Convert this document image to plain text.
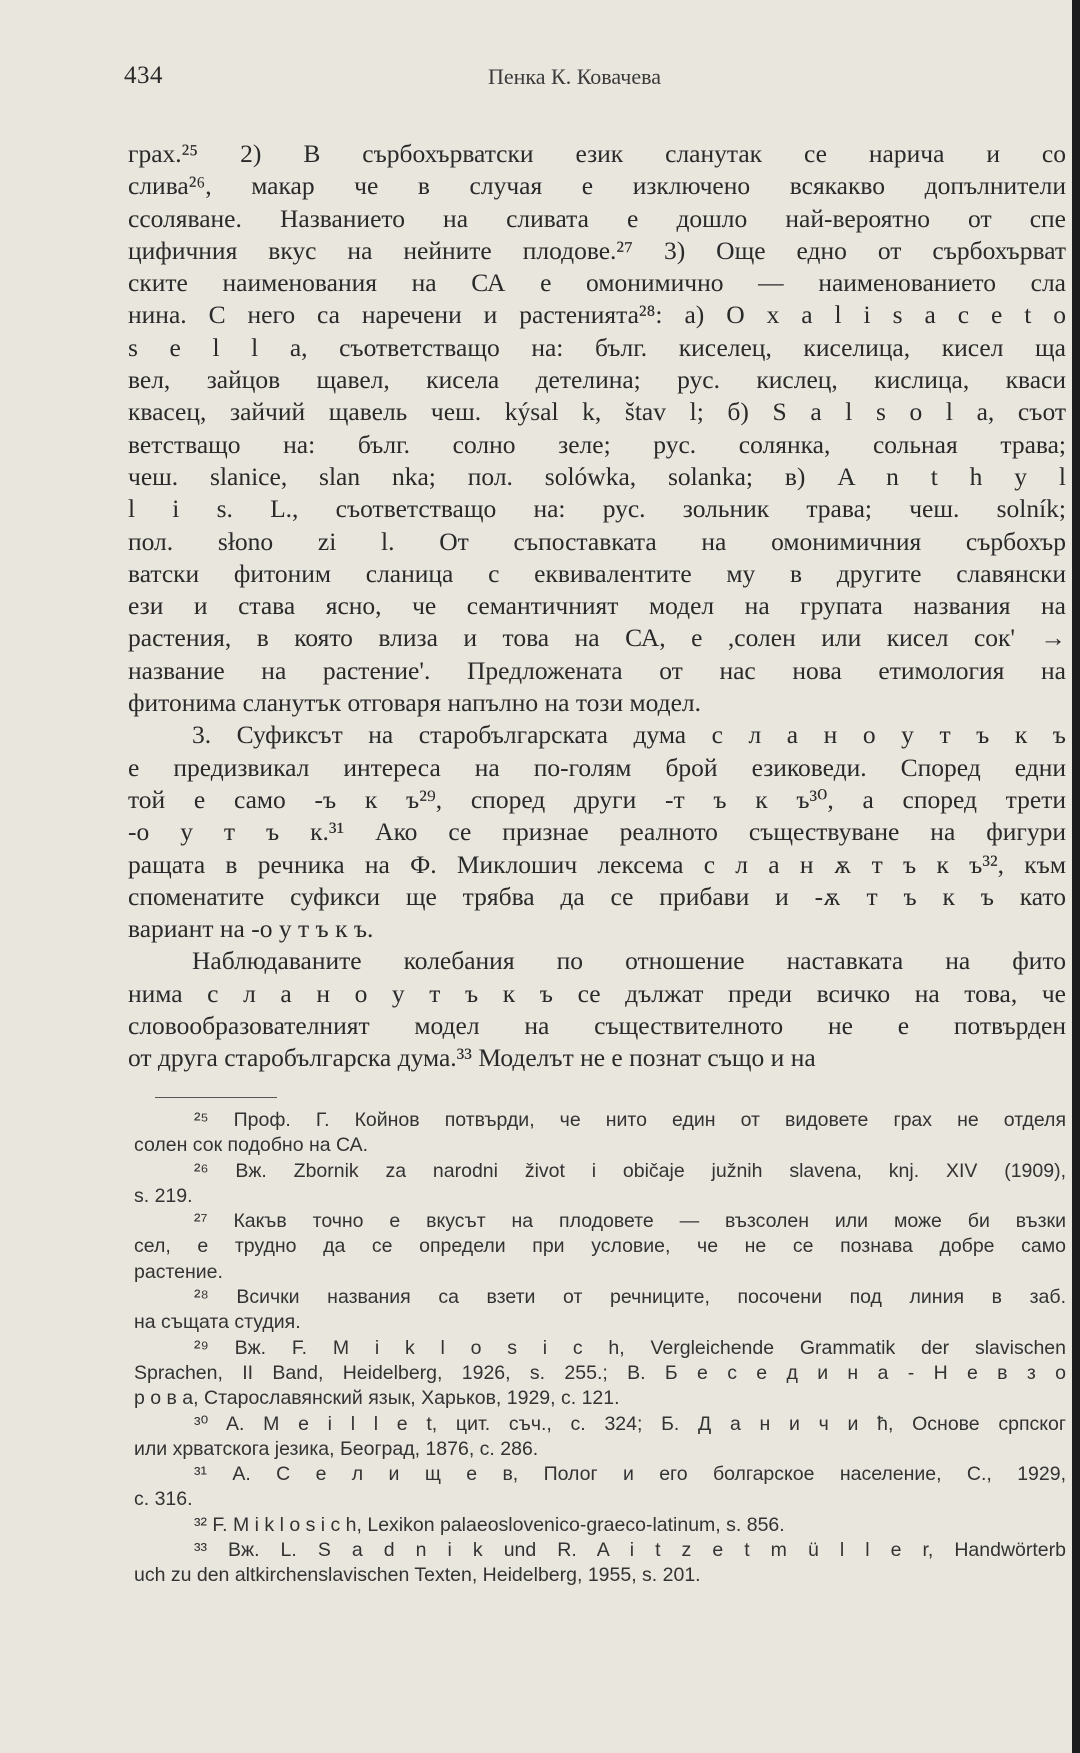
434	Пенка К. Ковачева
грах.²⁵ 2) В сърбохърватски език сланутак се нарича и со
слива²⁶, макар че в случая е изключено всякакво допълнители
ссоляване. Названието на сливата е дошло най-вероятно от спе
цифичния вкус на нейните плодове.²⁷ 3) Още едно от сърбохърват
ските наименования на СА е омонимично — наименованието сла
нина. С него са наречени и растенията²⁸: а) O x a l i s a c e t o
s e l l a, съответстващо на: бълг. киселец, киселица, кисел ща
вел, зайцов щавел, кисела детелина; рус. кислец, кислица, кваси
квасец, зайчий щавель чеш. kýsal k, štav l; б) S a l s o l a, съот
ветстващо на: бълг. солно зеле; рус. солянка, сольная трава;
чеш. slanice, slan nka; пол. solówka, solanka; в) A n t h y l
l i s. L., съответстващо на: рус. зольник трава; чеш. solník;
пол. słono zi l. От съпоставката на омонимичния сърбохър
ватски фитоним сланица с еквивалентите му в другите славянски
ези и става ясно, че семантичният модел на групата названия на
растения, в която влиза и това на СА, е ,солен или кисел сок' →
название на растение'. Предложената от нас нова етимология на
фитонима сланутък отговаря напълно на този модел.
3. Суфиксът на старобългарската дума с л а н о у т ъ к ъ
е предизвикал интереса на по-голям брой езиковеди. Според едни
той е само -ъ к ъ²⁹, според други -т ъ к ъ³⁰, а според трети
-о у т ъ к.³¹ Ако се признае реалното съществуване на фигури
ращата в речника на Ф. Миклошич лексема с л а н ѫ т ъ к ъ³², към
споменатите суфикси ще трябва да се прибави и -ѫ т ъ к ъ като
вариант на -о у т ъ к ъ.
Наблюдаваните колебания по отношение наставката на фито
нима с л а н о у т ъ к ъ се дължат преди всичко на това, че
словообразователният модел на съществителното не е потвърден
от друга старобългарска дума.³³ Моделът не е познат също и на
²⁵ Проф. Г. Койнов потвърди, че нито един от видовете грах не отделя
солен сок подобно на СА.
²⁶ Вж. Zbornik za narodni život i običaje južnih slavena, knj. XIV (1909),
s. 219.
²⁷ Какъв точно е вкусът на плодовете — възсолен или може би възки
сел, е трудно да се определи при условие, че не се познава добре само
растение.
²⁸ Всички названия са взети от речниците, посочени под линия в заб.
на същата студия.
²⁹ Вж. F. M i k l o s i c h, Vergleichende Grammatik der slavischen
Sprachen, II Band, Heidelberg, 1926, s. 255.; В. Б е с е д и н а - Н е в з о
р о в а, Старославянский язык, Харьков, 1929, с. 121.
³⁰ A. M e i l l e t, цит. съч., с. 324; Б. Д а н и ч и ћ, Основе српског
или хрватскога језика, Београд, 1876, с. 286.
³¹ А. С е л и щ е в, Полог и его болгарское население, С., 1929,
с. 316.
³² F. M i k l o s i c h, Lexikon palaeoslovenico-graeco-latinum, s. 856.
³³ Вж. L. S a d n i k und R. A i t z e t m ü l l e r, Handwörterb
uch zu den altkirchenslavischen Texten, Heidelberg, 1955, s. 201.
